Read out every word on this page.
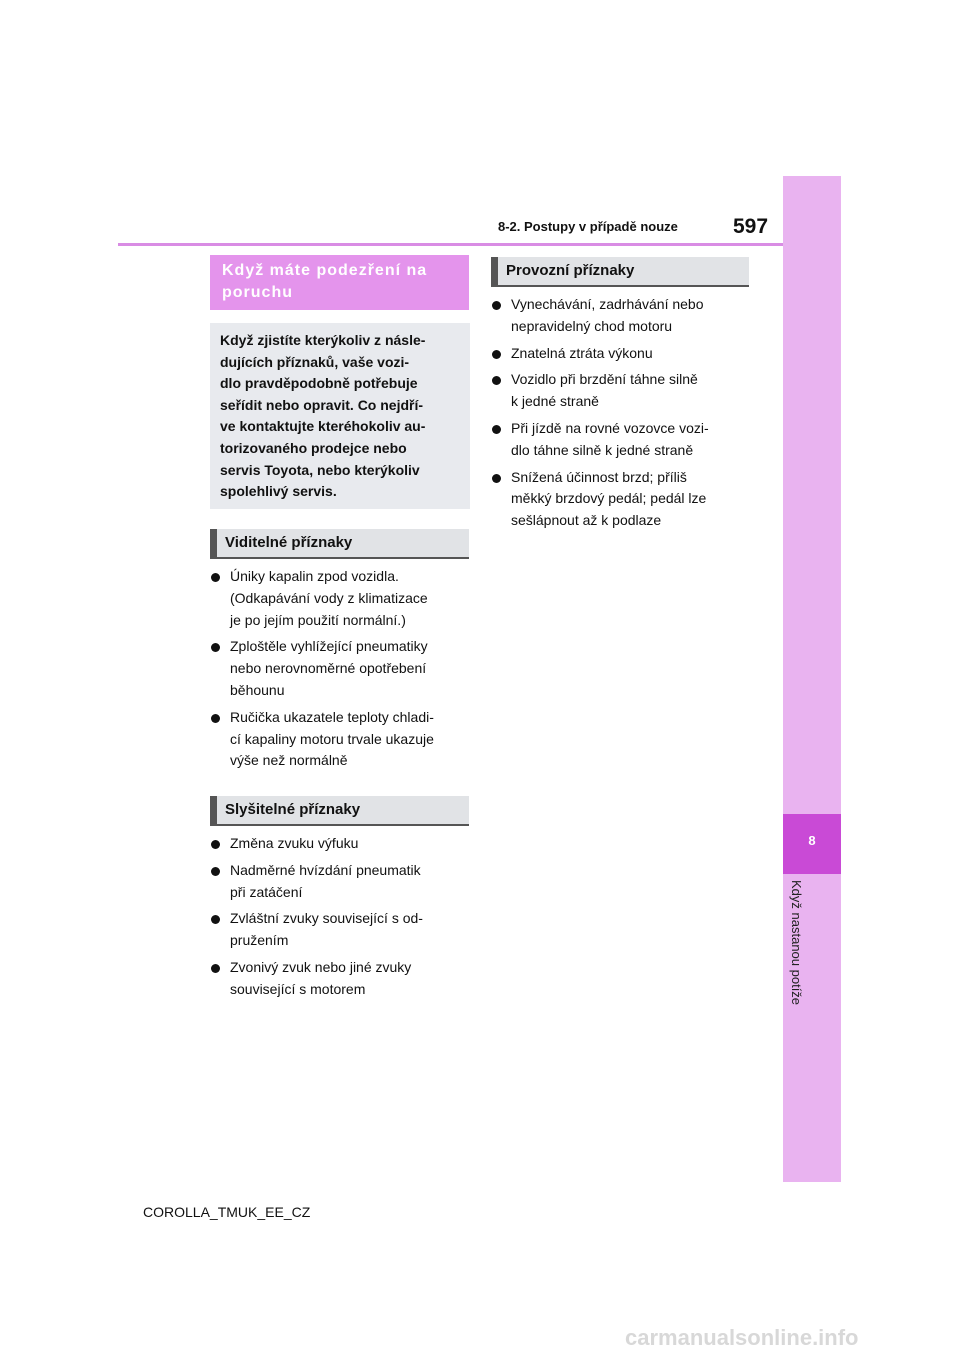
8
Když nastanou potíže
8-2. Postupy v případě nouze	597
Když máte podezření na
poruchu
Když zjistíte kterýkoliv z násle-
dujících příznaků, vaše vozi-
dlo pravděpodobně potřebuje
seřídit nebo opravit. Co nejdří-
ve kontaktujte kteréhokoliv au-
torizovaného prodejce nebo
servis Toyota, nebo kterýkoliv
spolehlivý servis.
Viditelné příznaky
Úniky kapalin zpod vozidla.
(Odkapávání vody z klimatizace
je po jejím použití normální.)
Zploštěle vyhlížející pneumatiky
nebo nerovnoměrné opotřebení
běhounu
Ručička ukazatele teploty chladi-
cí kapaliny motoru trvale ukazuje
výše než normálně
Slyšitelné příznaky
Změna zvuku výfuku
Nadměrné hvízdání pneumatik
při zatáčení
Zvláštní zvuky související s od-
pružením
Zvonivý zvuk nebo jiné zvuky
související s motorem
Provozní příznaky
Vynechávání, zadrhávání nebo
nepravidelný chod motoru
Znatelná ztráta výkonu
Vozidlo při brzdění táhne silně
k jedné straně
Při jízdě na rovné vozovce vozi-
dlo táhne silně k jedné straně
Snížená účinnost brzd; příliš
měkký brzdový pedál; pedál lze
sešlápnout až k podlaze
COROLLA_TMUK_EE_CZ
carmanualsonline.info
